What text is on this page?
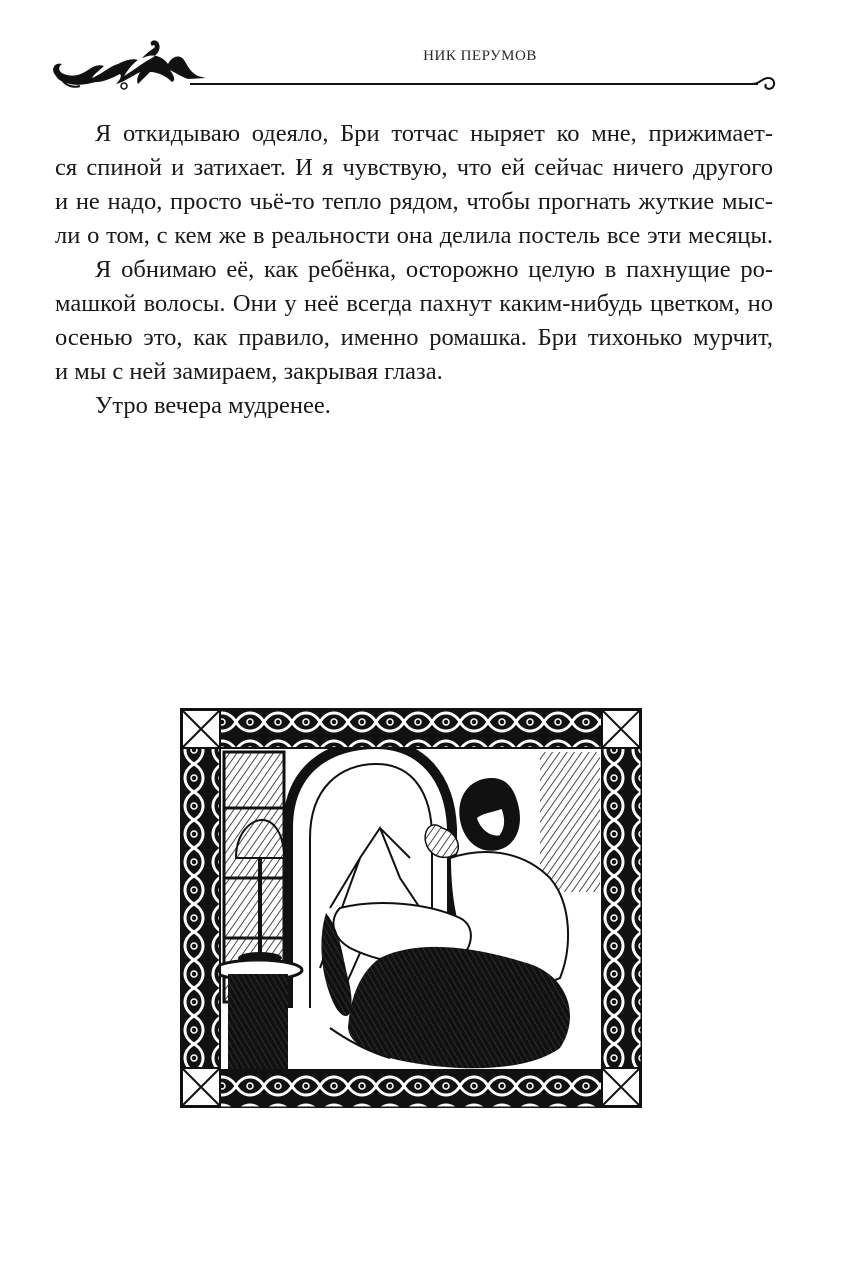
НИК ПЕРУМОВ

Я откидываю одеяло, Бри тотчас ныряет ко мне, прижимает-
ся спиной и затихает. И я чувствую, что ей сейчас ничего другого
и не надо, просто чьё-то тепло рядом, чтобы прогнать жуткие мыс-
ли о том, с кем же в реальности она делила постель все эти месяцы.

Я обнимаю её, как ребёнка, осторожно целую в пахнущие ро-
машкой волосы. Они у неё всегда пахнут каким-нибудь цветком, но
осенью это, как правило, именно ромашка. Бри тихонько мурчит,
и мы с ней замираем, закрывая глаза.

Утро вечера мудренее.
